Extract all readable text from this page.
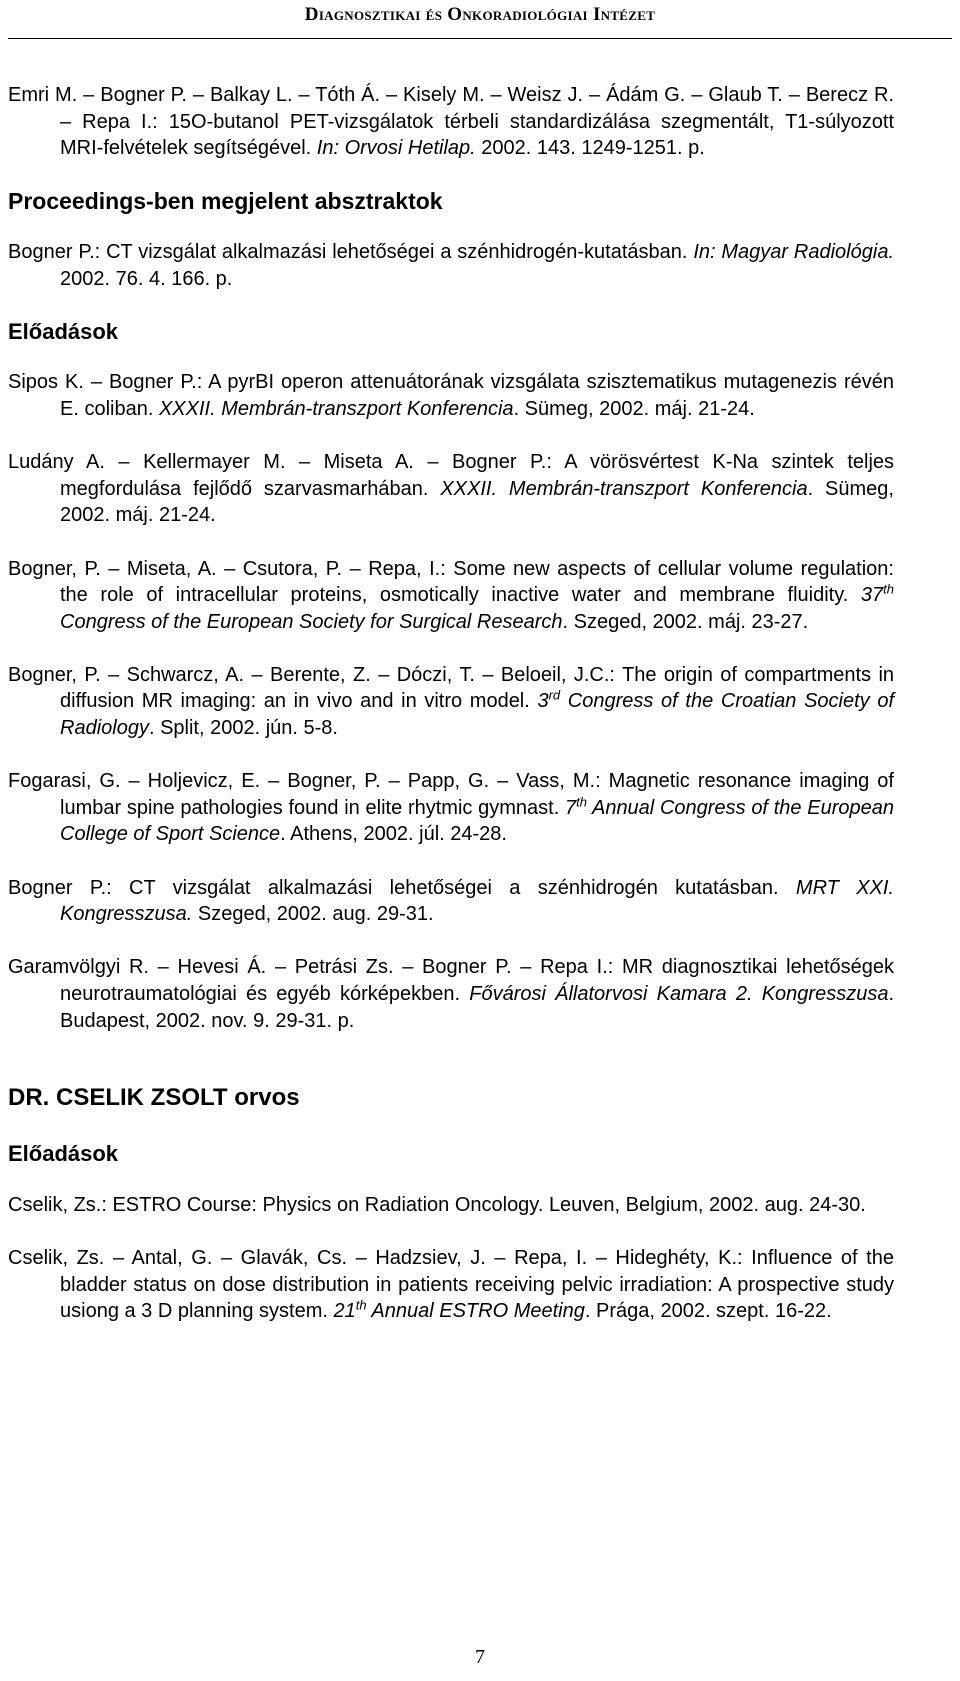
Diagnosztikai és Onkoradiológiai Intézet

Emri M. – Bogner P. – Balkay L. – Tóth Á. – Kisely M. – Weisz J. – Ádám G. – Glaub T. – Berecz R. – Repa I.: 15O-butanol PET-vizsgálatok térbeli standardizálása szegmentált, T1-súlyozott MRI-felvételek segítségével. In: Orvosi Hetilap. 2002. 143. 1249-1251. p.

Proceedings-ben megjelent absztraktok

Bogner P.: CT vizsgálat alkalmazási lehetőségei a szénhidrogén-kutatásban. In: Magyar Radiológia. 2002. 76. 4. 166. p.

Előadások

Sipos K. – Bogner P.: A pyrBI operon attenuátorának vizsgálata szisztematikus mutagenezis révén E. coliban. XXXII. Membrán-transzport Konferencia. Sümeg, 2002. máj. 21-24.

Ludány A. – Kellermayer M. – Miseta A. – Bogner P.: A vörösvértest K-Na szintek teljes megfordulása fejlődő szarvasmarhában. XXXII. Membrán-transzport Konferencia. Sümeg, 2002. máj. 21-24.

Bogner, P. – Miseta, A. – Csutora, P. – Repa, I.: Some new aspects of cellular volume regulation: the role of intracellular proteins, osmotically inactive water and membrane fluidity. 37th Congress of the European Society for Surgical Research. Szeged, 2002. máj. 23-27.

Bogner, P. – Schwarcz, A. – Berente, Z. – Dóczi, T. – Beloeil, J.C.: The origin of compartments in diffusion MR imaging: an in vivo and in vitro model. 3rd Congress of the Croatian Society of Radiology. Split, 2002. jún. 5-8.

Fogarasi, G. – Holjevicz, E. – Bogner, P. – Papp, G. – Vass, M.: Magnetic resonance imaging of lumbar spine pathologies found in elite rhytmic gymnast. 7th Annual Congress of the European College of Sport Science. Athens, 2002. júl. 24-28.

Bogner P.: CT vizsgálat alkalmazási lehetőségei a szénhidrogén kutatásban. MRT XXI. Kongresszusa. Szeged, 2002. aug. 29-31.

Garamvölgyi R. – Hevesi Á. – Petrási Zs. – Bogner P. – Repa I.: MR diagnosztikai lehetőségek neurotraumatológiai és egyéb kórképekben. Fővárosi Állatorvosi Kamara 2. Kongresszusa. Budapest, 2002. nov. 9. 29-31. p.

DR. CSELIK ZSOLT orvos
Előadások

Cselik, Zs.: ESTRO Course: Physics on Radiation Oncology. Leuven, Belgium, 2002. aug. 24-30.

Cselik, Zs. – Antal, G. – Glavák, Cs. – Hadzsiev, J. – Repa, I. – Hideghéty, K.: Influence of the bladder status on dose distribution in patients receiving pelvic irradiation: A prospective study usiong a 3 D planning system. 21th Annual ESTRO Meeting. Prága, 2002. szept. 16-22.

7
